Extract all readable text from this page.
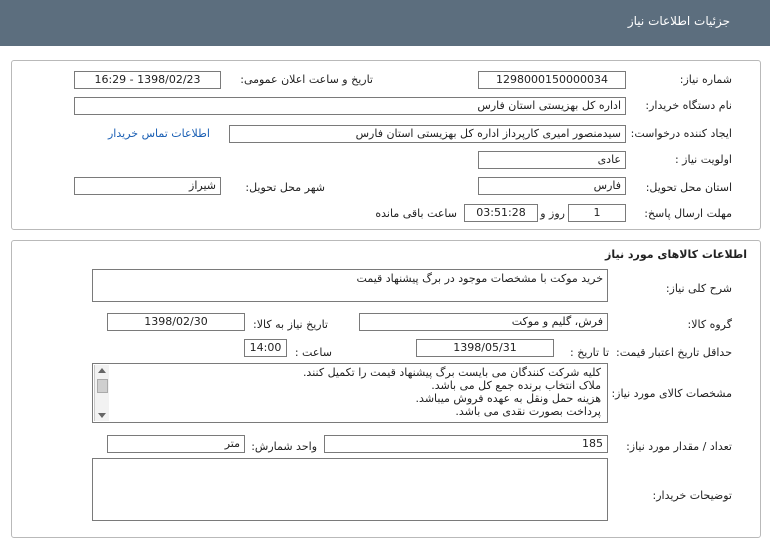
جزئیات اطلاعات نیاز
شماره نیاز:
1298000150000034
تاریخ و ساعت اعلان عمومی:
1398/02/23 - 16:29
نام دستگاه خریدار:
اداره کل بهزیستی استان فارس
ایجاد کننده درخواست:
سیدمنصور امیری کارپرداز اداره کل بهزیستی استان فارس
اطلاعات تماس خریدار
اولویت نیاز :
عادی
استان محل تحویل:
فارس
شهر محل تحویل:
شیراز
مهلت ارسال پاسخ:
1
روز و
03:51:28
ساعت باقی مانده
اطلاعات کالاهای مورد نیاز
شرح کلی نیاز:
خرید موکت با مشخصات موجود در برگ پیشنهاد قیمت
گروه کالا:
فرش، گلیم و موکت
تاریخ نیاز به کالا:
1398/02/30
حداقل تاریخ اعتبار قیمت:
تا تاریخ :
1398/05/31
ساعت :
14:00
مشخصات کالای مورد نیاز:
کلیه شرکت کنندگان می بایست برگ پیشنهاد قیمت را تکمیل کنند.
ملاک انتخاب برنده جمع کل می باشد.
هزینه حمل ونقل به عهده فروش میباشد.
پرداخت بصورت نقدی می باشد.
تعداد / مقدار مورد نیاز:
185
واحد شمارش:
متر
توضیحات خریدار:
